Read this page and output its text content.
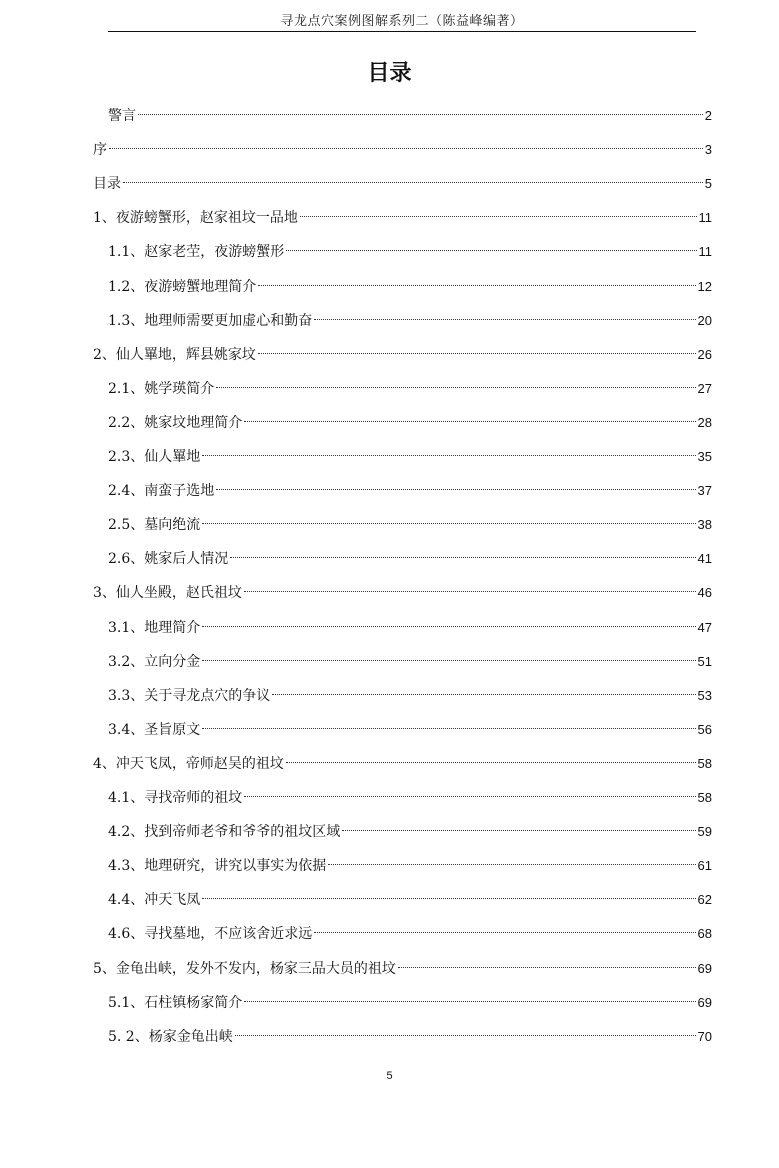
寻龙点穴案例图解系列二（陈益峰编著）
目录
警言	2
序	3
目录	5
1、夜游螃蟹形，赵家祖坟一品地	11
1.1、赵家老茔，夜游螃蟹形	11
1.2、夜游螃蟹地理简介	12
1.3、地理师需要更加虚心和勤奋	20
2、仙人罼地，辉县姚家坟	26
2.1、姚学瑛简介	27
2.2、姚家坟地理简介	28
2.3、仙人罼地	35
2.4、南蛮子选地	37
2.5、墓向绝流	38
2.6、姚家后人情况	41
3、仙人坐殿，赵氏祖坟	46
3.1、地理简介	47
3.2、立向分金	51
3.3、关于寻龙点穴的争议	53
3.4、圣旨原文	56
4、冲天飞凤，帝师赵吴的祖坟	58
4.1、寻找帝师的祖坟	58
4.2、找到帝师老爷和爷爷的祖坟区域	59
4.3、地理研究，讲究以事实为依据	61
4.4、冲天飞凤	62
4.6、寻找墓地，不应该舍近求远	68
5、金龟出峡，发外不发内，杨家三品大员的祖坟	69
5.1、石柱镇杨家简介	69
5. 2、杨家金龟出峡	70
5
